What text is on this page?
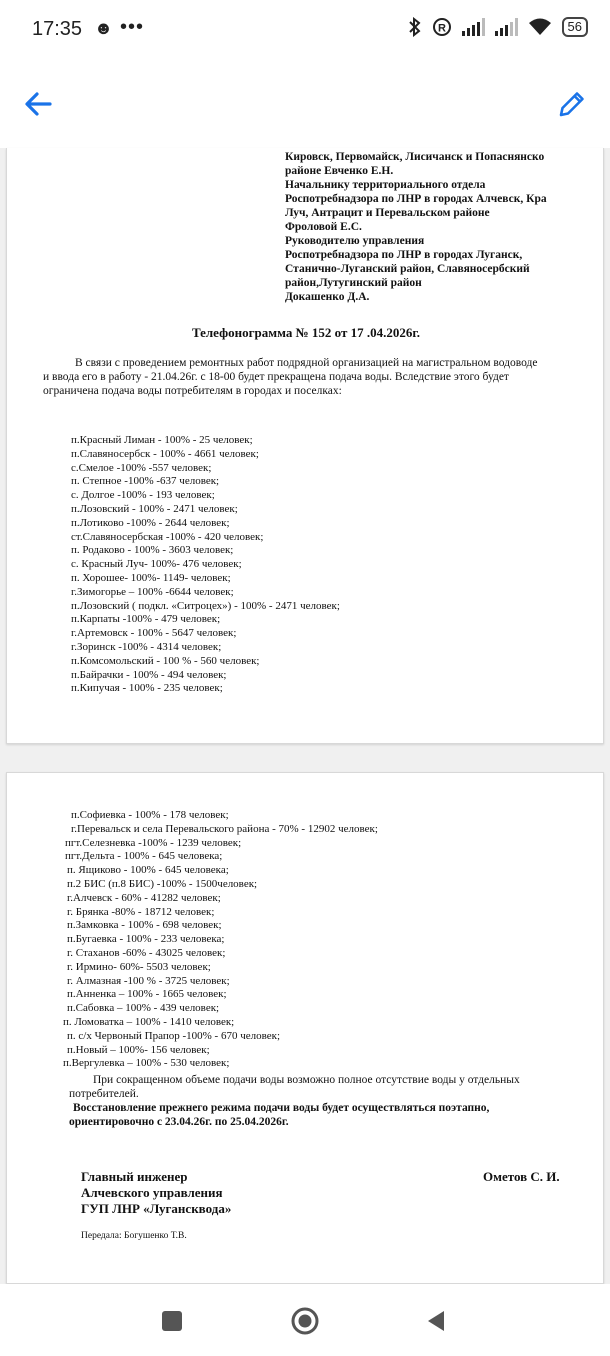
17:35 ☻ •••	R	56
Кировск, Первомайск, Лисичанск и Попаснянско
районе Евченко Е.Н.
Начальнику территориального отдела
Роспотребнадзора по ЛНР в городах Алчевск, Кра
Луч, Антрацит и Перевальском районе
Фроловой Е.С.
Руководителю управления
Роспотребнадзора по ЛНР в городах Луганск,
Станично-Луганский район, Славяносербский
район,Лутугинский район
Докашенко Д.А.
Телефонограмма № 152 от 17 .04.2026г.
В связи с проведением ремонтных работ подрядной организацией на магистральном водоводе
и ввода его в работу - 21.04.26г. с 18-00 будет прекращена подача воды. Вследствие этого будет
ограничена подача воды потребителям в городах и поселках:
п.Красный Лиман - 100% - 25 человек;
п.Славяносербск - 100% - 4661 человек;
с.Смелое -100% -557 человек;
п. Степное -100% -637 человек;
с. Долгое -100% - 193 человек;
п.Лозовский - 100% - 2471 человек;
п.Лотиково -100% - 2644 человек;
ст.Славяносербская -100% - 420 человек;
п. Родаково - 100% - 3603 человек;
с. Красный Луч- 100%- 476 человек;
п. Хорошее- 100%- 1149- человек;
г.Зимогорье – 100% -6644 человек;
п.Лозовский ( подкл. «Ситроцех») - 100% - 2471 человек;
п.Карпаты -100% - 479 человек;
г.Артемовск - 100% - 5647 человек;
г.Зоринск -100% - 4314 человек;
п.Комсомольский - 100 % - 560 человек;
п.Байрачки - 100% - 494 человек;
п.Кипучая - 100% - 235 человек;
п.Софиевка - 100% - 178 человек;
г.Перевальск и села Перевальского района - 70% - 12902 человек;
пгт.Селезневка -100% - 1239 человек;
пгт.Дельта - 100% - 645 человека;
п. Ящиково - 100% - 645 человека;
п.2 БИС (п.8 БИС) -100% - 1500человек;
г.Алчевск - 60% - 41282 человек;
г. Брянка -80% - 18712 человек;
п.Замковка - 100% - 698 человек;
п.Бугаевка - 100% - 233 человека;
г. Стаханов -60% - 43025 человек;
г. Ирмино- 60%- 5503 человек;
г. Алмазная -100 % - 3725 человек;
п.Анненка – 100% - 1665 человек;
п.Сабовка – 100% - 439 человек;
п. Ломоватка – 100% - 1410 человек;
п. с/х Червоный Прапор -100% - 670 человек;
п.Новый – 100%- 156 человек;
п.Вергулевка – 100% - 530 человек;
При сокращенном объеме подачи воды возможно полное отсутствие воды у отдельных
потребителей.
Восстановление прежнего режима подачи воды будет осуществляться поэтапно,
ориентировочно с 23.04.26г. по 25.04.2026г.
Главный инженер
Алчевского управления
ГУП ЛНР «Лугансквода»
Ометов С. И.
Передала: Богушенко Т.В.
